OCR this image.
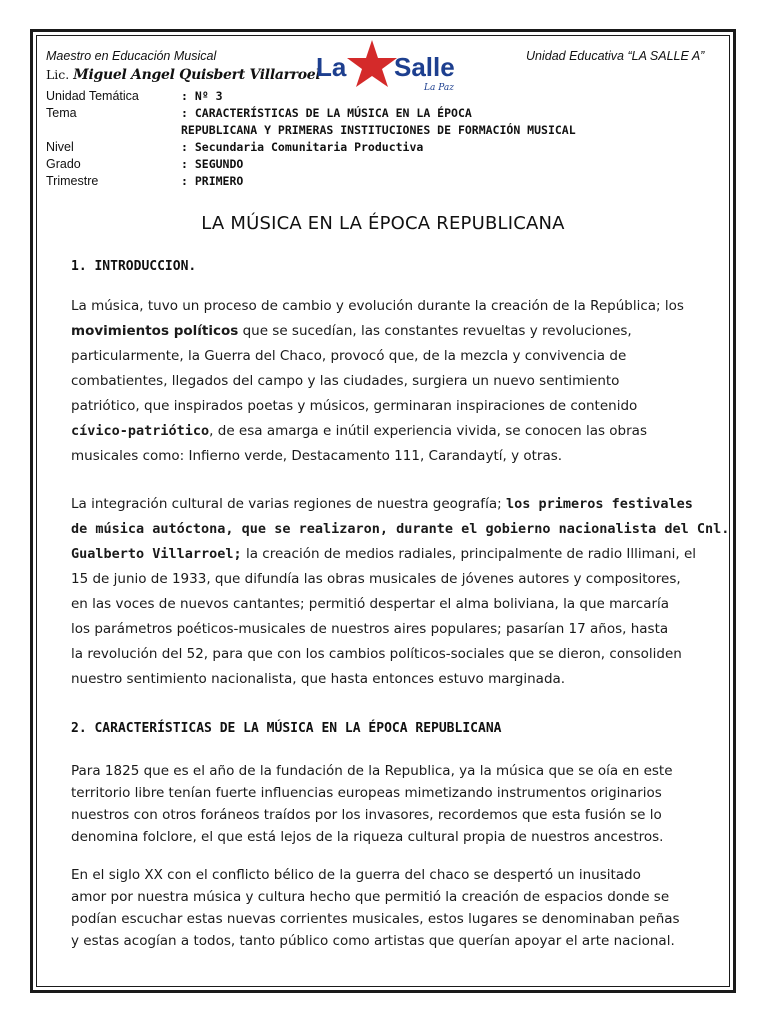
Maestro en Educación Musical	Unidad Educativa “LA SALLE A”
Lic. Miguel Angel Quisbert Villarroel
La Salle
La Paz
Unidad Temática	: Nº 3
Tema	: CARACTERÍSTICAS DE LA MÚSICA EN LA ÉPOCA
REPUBLICANA Y PRIMERAS INSTITUCIONES DE FORMACIÓN MUSICAL
Nivel	: Secundaria Comunitaria Productiva
Grado	: SEGUNDO
Trimestre	: PRIMERO
LA MÚSICA EN LA ÉPOCA REPUBLICANA
1. INTRODUCCION.
La música, tuvo un proceso de cambio y evolución durante la creación de la República; los
movimientos políticos que se sucedían, las constantes revueltas y revoluciones,
particularmente, la Guerra del Chaco, provocó que, de la mezcla y convivencia de
combatientes, llegados del campo y las ciudades, surgiera un nuevo sentimiento
patriótico, que inspirados poetas y músicos, germinaran inspiraciones de contenido
cívico-patriótico, de esa amarga e inútil experiencia vivida, se conocen las obras
musicales como: Infierno verde, Destacamento 111, Carandaytí, y otras.
La integración cultural de varias regiones de nuestra geografía; los primeros festivales
de música autóctona, que se realizaron, durante el gobierno nacionalista del Cnl.
Gualberto Villarroel; la creación de medios radiales, principalmente de radio Illimani, el
15 de junio de 1933, que difundía las obras musicales de jóvenes autores y compositores,
en las voces de nuevos cantantes; permitió despertar el alma boliviana, la que marcaría
los parámetros poéticos-musicales de nuestros aires populares; pasarían 17 años, hasta
la revolución del 52, para que con los cambios políticos-sociales que se dieron, consoliden
nuestro sentimiento nacionalista, que hasta entonces estuvo marginada.
2. CARACTERÍSTICAS DE LA MÚSICA EN LA ÉPOCA REPUBLICANA
Para 1825 que es el año de la fundación de la Republica, ya la música que se oía en este
territorio libre tenían fuerte influencias europeas mimetizando instrumentos originarios
nuestros con otros foráneos traídos por los invasores, recordemos que esta fusión se lo
denomina folclore, el que está lejos de la riqueza cultural propia de nuestros ancestros.
En el siglo XX con el conflicto bélico de la guerra del chaco se despertó un inusitado
amor por nuestra música y cultura hecho que permitió la creación de espacios donde se
podían escuchar estas nuevas corrientes musicales, estos lugares se denominaban peñas
y estas acogían a todos, tanto público como artistas que querían apoyar el arte nacional.
